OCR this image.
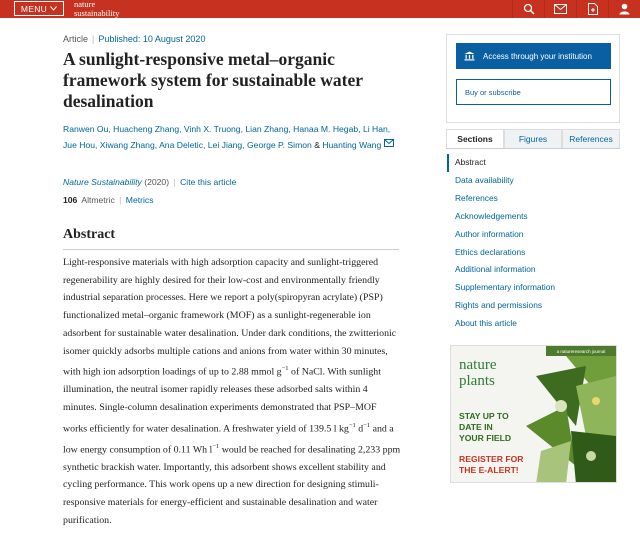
MENU	nature
sustainability
Article | Published: 10 August 2020
A sunlight-responsive metal–organic framework system for sustainable water desalination
Ranwen Ou, Huacheng Zhang, Vinh X. Truong, Lian Zhang, Hanaa M. Hegab, Li Han, Jue Hou, Xiwang Zhang, Ana Deletic, Lei Jiang, George P. Simon & Huanting Wang
Nature Sustainability (2020) | Cite this article
106 Altmetric | Metrics
Abstract

Light-responsive materials with high adsorption capacity and sunlight-triggered regenerability are highly desired for their low-cost and environmentally friendly industrial separation processes. Here we report a poly(spiropyran acrylate) (PSP) functionalized metal–organic framework (MOF) as a sunlight-regenerable ion adsorbent for sustainable water desalination. Under dark conditions, the zwitterionic isomer quickly adsorbs multiple cations and anions from water within 30 minutes, with high ion adsorption loadings of up to 2.88 mmol $g^{-1}$ of NaCl. With sunlight illumination, the neutral isomer rapidly releases these adsorbed salts within 4 minutes. Single-column desalination experiments demonstrated that PSP–MOF works efficiently for water desalination. A freshwater yield of 139.5 l $kg^{-1}$ $d^{-1}$ and a low energy consumption of 0.11 Wh $l^{-1}$ would be reached for desalinating 2,233 ppm synthetic brackish water. Importantly, this adsorbent shows excellent stability and cycling performance. This work opens up a new direction for designing stimuli-responsive materials for energy-efficient and sustainable desalination and water purification.

Access through your institution
Buy or subscribe
Sections	Figures	References
Abstract
Data availability
References
Acknowledgements
Author information
Ethics declarations
Additional information
Supplementary information
Rights and permissions
About this article
a natureresearch journal
nature
plants
STAY UP TO
DATE IN
YOUR FIELD
REGISTER FOR
THE E-ALERT!
